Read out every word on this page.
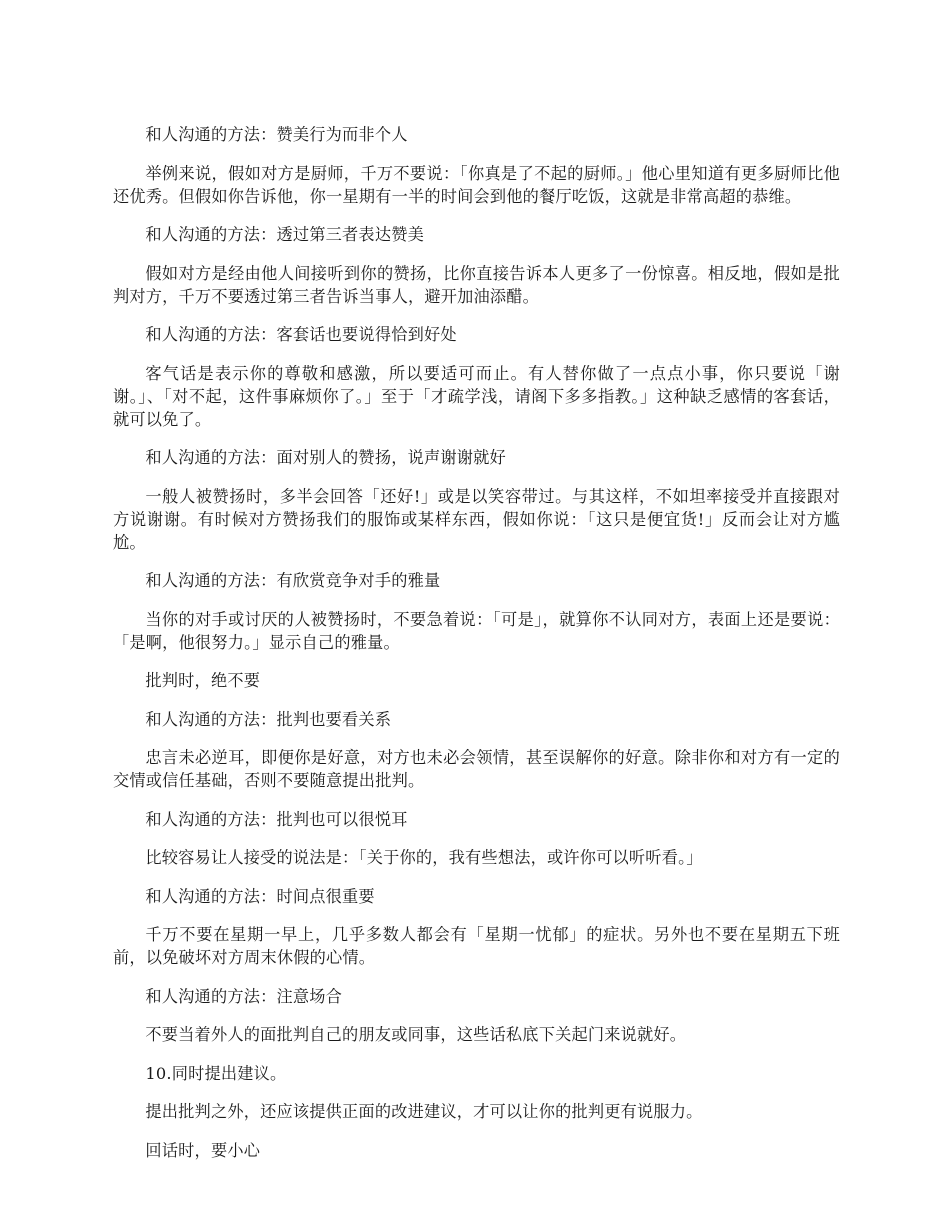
和人沟通的方法：赞美行为而非个人

举例来说，假如对方是厨师，千万不要说：「你真是了不起的厨师。」他心里知道有更多厨师比他还优秀。但假如你告诉他，你一星期有一半的时间会到他的餐厅吃饭，这就是非常高超的恭维。

和人沟通的方法：透过第三者表达赞美

假如对方是经由他人间接听到你的赞扬，比你直接告诉本人更多了一份惊喜。相反地，假如是批判对方，千万不要透过第三者告诉当事人，避开加油添醋。

和人沟通的方法：客套话也要说得恰到好处

客气话是表示你的尊敬和感激，所以要适可而止。有人替你做了一点点小事，你只要说「谢谢。」、「对不起，这件事麻烦你了。」至于「才疏学浅，请阁下多多指教。」这种缺乏感情的客套话，就可以免了。

和人沟通的方法：面对别人的赞扬，说声谢谢就好

一般人被赞扬时，多半会回答「还好!」或是以笑容带过。与其这样，不如坦率接受并直接跟对方说谢谢。有时候对方赞扬我们的服饰或某样东西，假如你说：「这只是便宜货!」反而会让对方尴尬。

和人沟通的方法：有欣赏竞争对手的雅量

当你的对手或讨厌的人被赞扬时，不要急着说：「可是」，就算你不认同对方，表面上还是要说：「是啊，他很努力。」显示自己的雅量。

批判时，绝不要

和人沟通的方法：批判也要看关系

忠言未必逆耳，即便你是好意，对方也未必会领情，甚至误解你的好意。除非你和对方有一定的交情或信任基础，否则不要随意提出批判。

和人沟通的方法：批判也可以很悦耳

比较容易让人接受的说法是：「关于你的，我有些想法，或许你可以听听看。」

和人沟通的方法：时间点很重要

千万不要在星期一早上，几乎多数人都会有「星期一忧郁」的症状。另外也不要在星期五下班前，以免破坏对方周末休假的心情。

和人沟通的方法：注意场合

不要当着外人的面批判自己的朋友或同事，这些话私底下关起门来说就好。

10.同时提出建议。

提出批判之外，还应该提供正面的改进建议，才可以让你的批判更有说服力。

回话时，要小心
